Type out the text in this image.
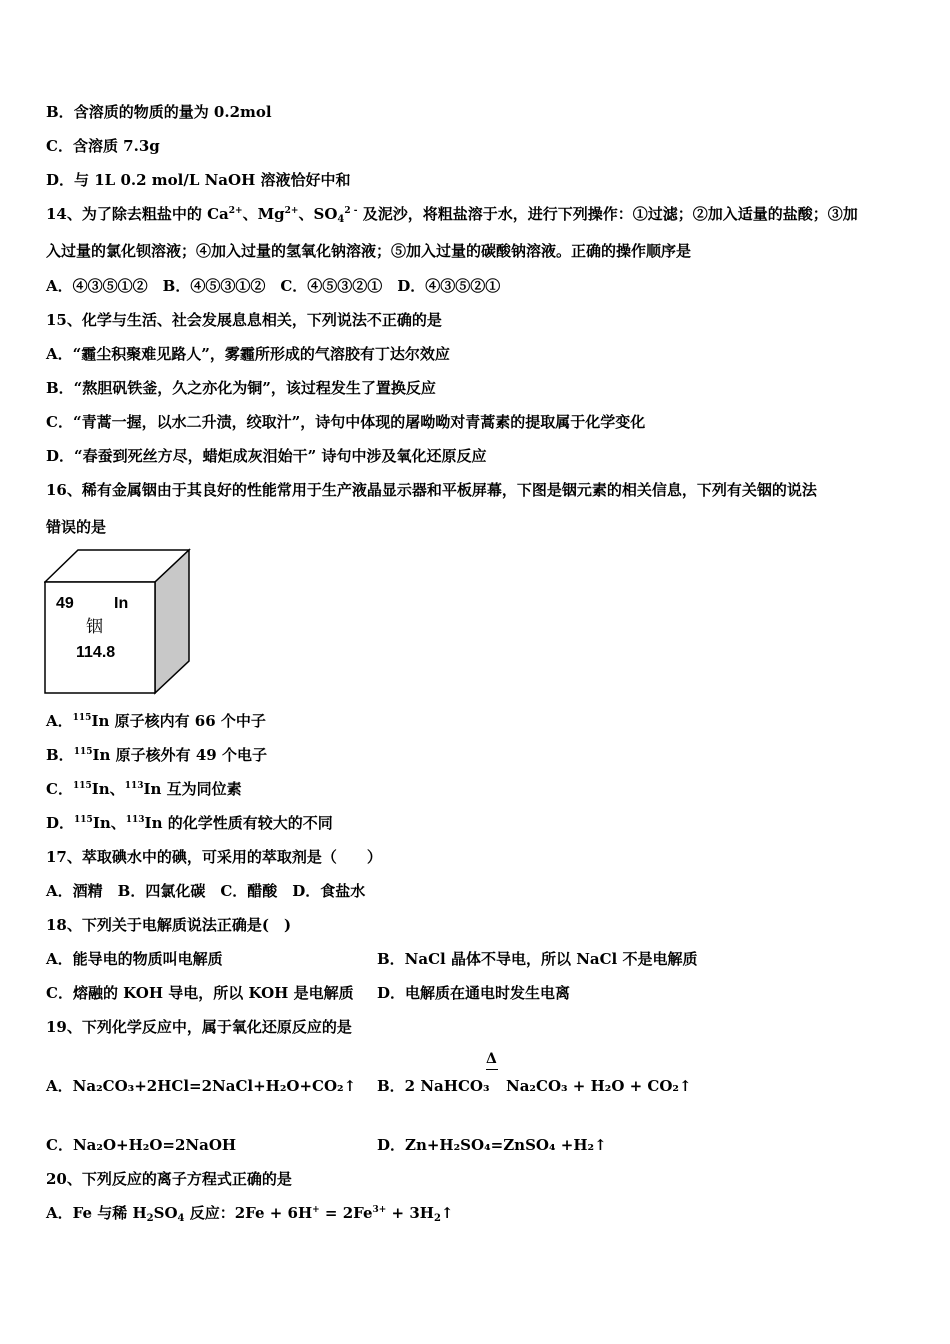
B．含溶质的物质的量为 0.2mol
C．含溶质 7.3g
D．与 1L 0.2 mol/L NaOH 溶液恰好中和
14、为了除去粗盐中的 $Ca^{2+}$、$Mg^{2+}$、$SO_4^{2 -}$ 及泥沙，将粗盐溶于水，进行下列操作：①过滤；②加入适量的盐酸；③加
入过量的氯化钡溶液；④加入过量的氢氧化钠溶液；⑤加入过量的碳酸钠溶液。正确的操作顺序是
A．④③⑤①②　B．④⑤③①②　C．④⑤③②①　D．④③⑤②①
15、化学与生活、社会发展息息相关，下列说法不正确的是
A．“霾尘积聚难见路人”，雾霾所形成的气溶胶有丁达尔效应
B．“熬胆矾铁釜，久之亦化为铜”，该过程发生了置换反应
C．“青蒿一握，以水二升渍，绞取汁”，诗句中体现的屠呦呦对青蒿素的提取属于化学变化
D．“春蚕到死丝方尽，蜡炬成灰泪始干” 诗句中涉及氧化还原反应
16、稀有金属铟由于其良好的性能常用于生产液晶显示器和平板屏幕，下图是铟元素的相关信息，下列有关铟的说法
错误的是
49	In
铟
114.8
A．$^{115}$In 原子核内有 66 个中子
B．$^{115}$In 原子核外有 49 个电子
C．$^{115}$In、$^{113}$In 互为同位素
D．$^{115}$In、$^{113}$In 的化学性质有较大的不同
17、萃取碘水中的碘，可采用的萃取剂是（　　）
A．酒精　B．四氯化碳　C．醋酸　D．食盐水
18、下列关于电解质说法正确是(　)
A．能导电的物质叫电解质	B．NaCl 晶体不导电，所以 NaCl 不是电解质
C．熔融的 KOH 导电，所以 KOH 是电解质 D．电解质在通电时发生电离
19、下列化学反应中，属于氧化还原反应的是
Δ
A．Na₂CO₃+2HCl=2NaCl+H₂O+CO₂↑ B．2 NaHCO₃ Na₂CO₃ + H₂O + CO₂↑
C．Na₂O+H₂O=2NaOH	D．Zn+H₂SO₄=ZnSO₄ +H₂↑
20、下列反应的离子方程式正确的是
A．Fe 与稀 $H_2SO_4$ 反应：$2Fe + 6H^+ = 2Fe^{3+}$ + $3H_2↑$
